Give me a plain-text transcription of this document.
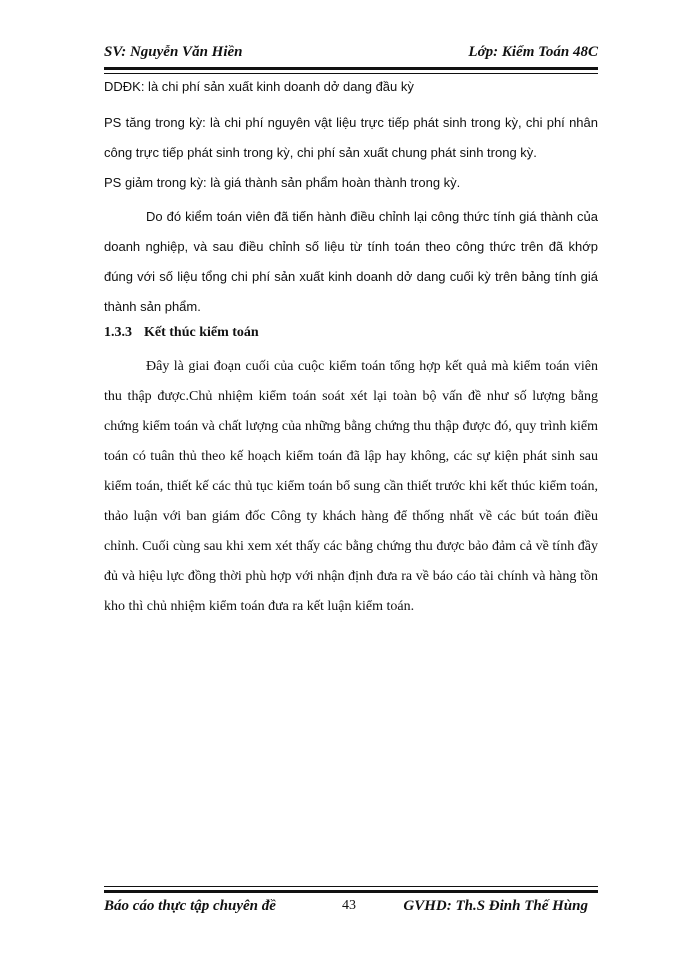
SV: Nguyễn Văn Hiền	Lớp: Kiểm Toán 48C

DDĐK: là chi phí sản xuất kinh doanh dở dang đầu kỳ

PS tăng trong kỳ: là chi phí nguyên vật liệu trực tiếp phát sinh trong kỳ, chi phí nhân công trực tiếp phát sinh trong kỳ, chi phí sản xuất chung phát sinh trong kỳ.

PS giảm trong kỳ: là giá thành sản phẩm hoàn thành trong kỳ.

Do đó kiểm toán viên đã tiến hành điều chỉnh lại công thức tính giá thành của doanh nghiệp, và sau điều chỉnh số liệu từ tính toán theo công thức trên đã khớp đúng với số liệu tổng chi phí sản xuất kinh doanh dở dang cuối kỳ trên bảng tính giá thành sản phẩm.

1.3.3 Kết thúc kiểm toán

Đây là giai đoạn cuối của cuộc kiểm toán tổng hợp kết quả mà kiểm toán viên thu thập được.Chủ nhiệm kiểm toán soát xét lại toàn bộ vấn đề như số lượng bằng chứng kiểm toán và chất lượng của những bằng chứng thu thập được đó, quy trình kiểm toán có tuân thủ theo kế hoạch kiểm toán đã lập hay không, các sự kiện phát sinh sau kiểm toán, thiết kế các thủ tục kiểm toán bổ sung cần thiết trước khi kết thúc kiểm toán, thảo luận với ban giám đốc Công ty khách hàng để thống nhất về các bút toán điều chỉnh. Cuối cùng sau khi xem xét thấy các bằng chứng thu được bảo đảm cả về tính đầy đủ và hiệu lực đồng thời phù hợp với nhận định đưa ra về báo cáo tài chính và hàng tồn kho thì chủ nhiệm kiểm toán đưa ra kết luận kiểm toán.

Báo cáo thực tập chuyên đề	43	GVHD: Th.S Đinh Thế Hùng
